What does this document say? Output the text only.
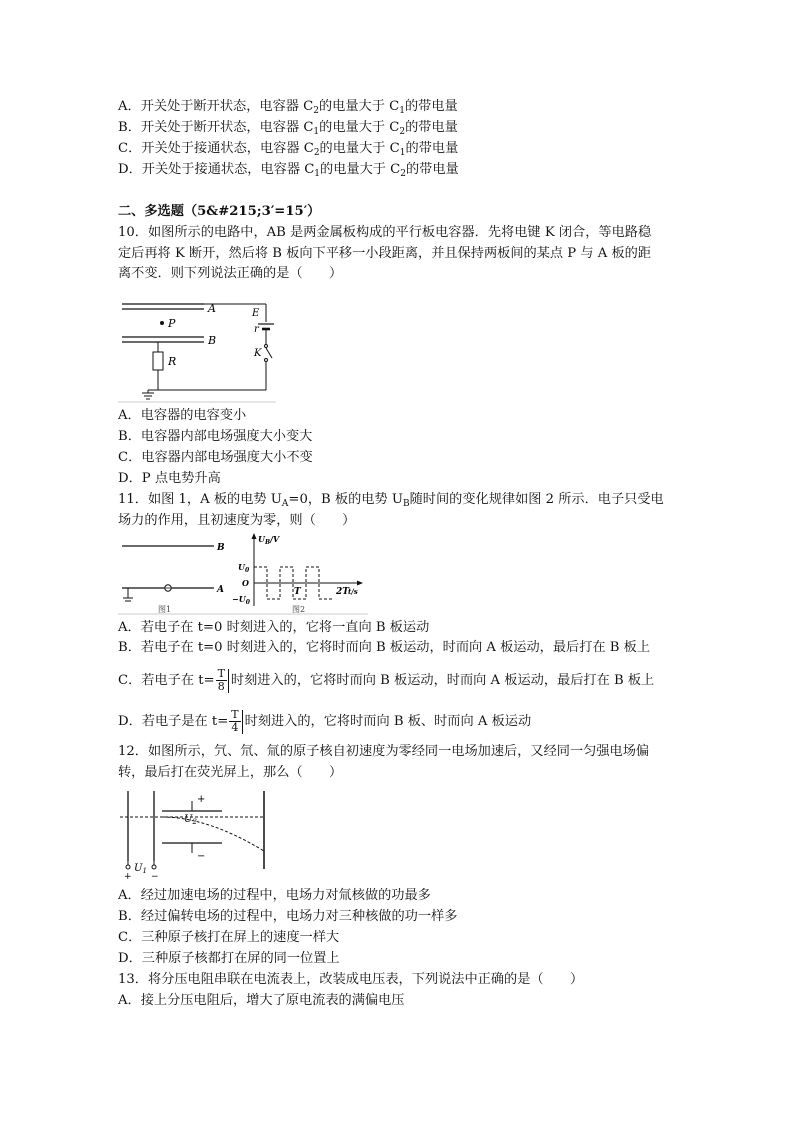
A．开关处于断开状态，电容器 $C_2$的电量大于 $C_1$的带电量
B．开关处于断开状态，电容器 $C_1$的电量大于 $C_2$的带电量
C．开关处于接通状态，电容器 $C_2$的电量大于 $C_1$的带电量
D．开关处于接通状态，电容器 $C_1$的电量大于 $C_2$的带电量
二、多选题（5&#215;3′=15′）
10．如图所示的电路中，AB 是两金属板构成的平行板电容器．先将电键 K 闭合，等电路稳
定后再将 K 断开，然后将 B 板向下平移一小段距离，并且保持两板间的某点 P 与 A 板的距
离不变．则下列说法正确的是（　　）
A
B
P
E
r
K
R
A．电容器的电容变小
B．电容器内部电场强度大小变大
C．电容器内部电场强度大小不变
D．P 点电势升高
11．如图 1，A 板的电势 $U_A=0$，B 板的电势 $U_B$随时间的变化规律如图 2 所示．电子只受电
场力的作用，且初速度为零，则（　　）
B
A
图1
$U_B/V$
$U_0$
O
$-U_0$
T	2T t/s
图2
A．若电子在 t=0 时刻进入的，它将一直向 B 板运动
B．若电子在 t=0 时刻进入的，它将时而向 B 板运动，时而向 A 板运动，最后打在 B 板上
C．若电子在 $t= \frac{T}{8}$ 时刻进入的，它将时而向 B 板运动，时而向 A 板运动，最后打在 B 板上
D．若电子是在 $t= \frac{T}{4}$ 时刻进入的，它将时而向 B 板、时而向 A 板运动
12．如图所示，氕、氘、氚的原子核自初速度为零经同一电场加速后，又经同一匀强电场偏
转，最后打在荧光屏上，那么（　　）
+
−
$U_2$
$U_1$
+ −
A．经过加速电场的过程中，电场力对氚核做的功最多
B．经过偏转电场的过程中，电场力对三种核做的功一样多
C．三种原子核打在屏上的速度一样大
D．三种原子核都打在屏的同一位置上
13．将分压电阻串联在电流表上，改装成电压表，下列说法中正确的是（　　）
A．接上分压电阻后，增大了原电流表的满偏电压
